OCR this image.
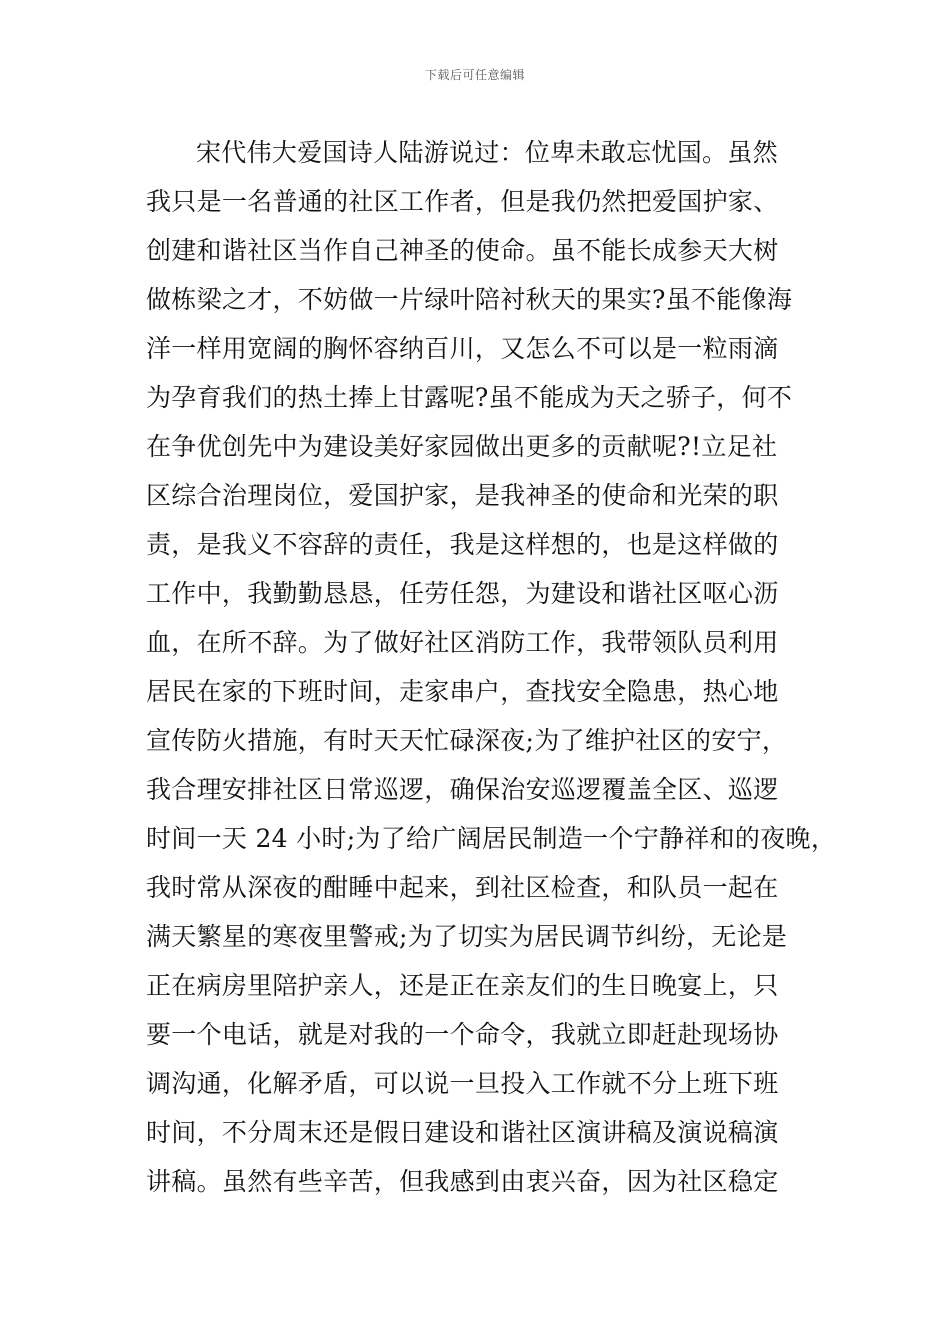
下载后可任意编辑
宋代伟大爱国诗人陆游说过：位卑未敢忘忧国。虽然
我只是一名普通的社区工作者，但是我仍然把爱国护家、
创建和谐社区当作自己神圣的使命。虽不能长成参天大树
做栋梁之才，不妨做一片绿叶陪衬秋天的果实?虽不能像海
洋一样用宽阔的胸怀容纳百川，又怎么不可以是一粒雨滴
为孕育我们的热土捧上甘露呢?虽不能成为天之骄子，何不
在争优创先中为建设美好家园做出更多的贡献呢?!立足社
区综合治理岗位，爱国护家，是我神圣的使命和光荣的职
责，是我义不容辞的责任，我是这样想的，也是这样做的
工作中，我勤勤恳恳，任劳任怨，为建设和谐社区呕心沥
血，在所不辞。为了做好社区消防工作，我带领队员利用
居民在家的下班时间，走家串户，查找安全隐患，热心地
宣传防火措施，有时天天忙碌深夜;为了维护社区的安宁，
我合理安排社区日常巡逻，确保治安巡逻覆盖全区、巡逻
时间一天 24 小时;为了给广阔居民制造一个宁静祥和的夜晚，
我时常从深夜的酣睡中起来，到社区检查，和队员一起在
满天繁星的寒夜里警戒;为了切实为居民调节纠纷，无论是
正在病房里陪护亲人，还是正在亲友们的生日晚宴上，只
要一个电话，就是对我的一个命令，我就立即赶赴现场协
调沟通，化解矛盾，可以说一旦投入工作就不分上班下班
时间，不分周末还是假日建设和谐社区演讲稿及演说稿演
讲稿。虽然有些辛苦，但我感到由衷兴奋，因为社区稳定
